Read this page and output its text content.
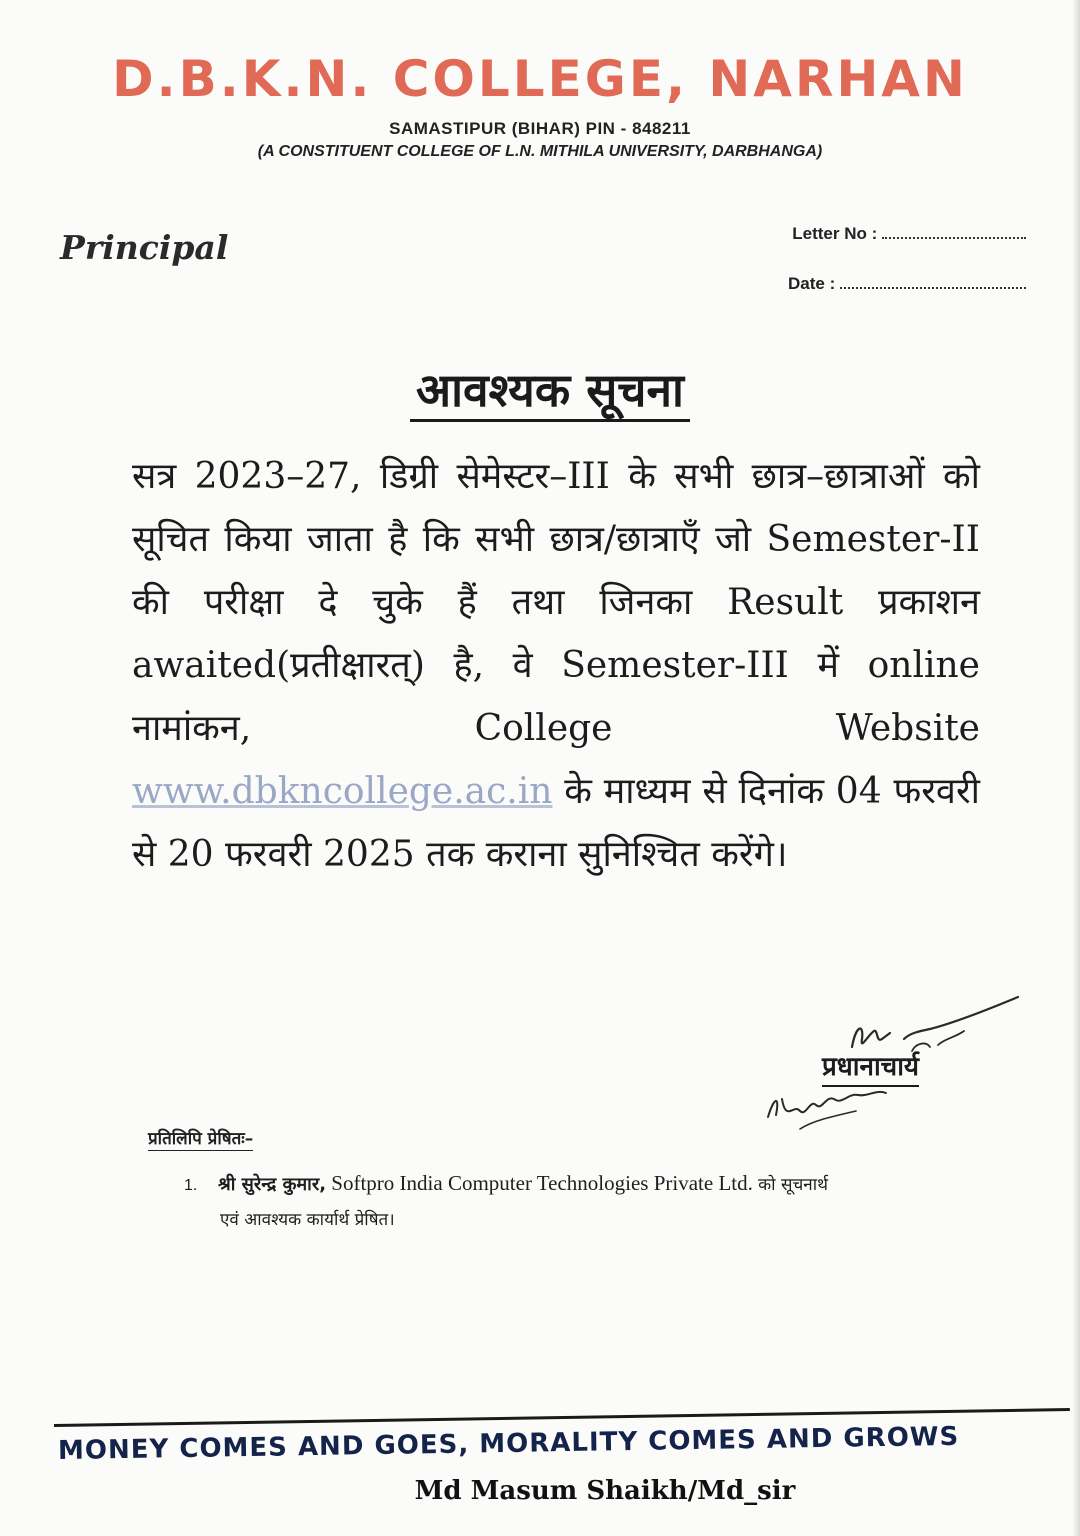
D.B.K.N. COLLEGE, NARHAN
SAMASTIPUR (BIHAR) PIN - 848211
(A CONSTITUENT COLLEGE OF L.N. MITHILA UNIVERSITY, DARBHANGA)
Principal	Letter No :
Date :
आवश्यक सूचना
सत्र 2023–27, डिग्री सेमेस्टर–III के सभी छात्र–छात्राओं को सूचित किया जाता है कि सभी छात्र/छात्राएँ जो Semester-II की परीक्षा दे चुके हैं तथा जिनका Result प्रकाशन awaited(प्रतीक्षारत्) है, वे Semester-III में online नामांकन, College Website www.dbkncollege.ac.in के माध्यम से दिनांक 04 फरवरी से 20 फरवरी 2025 तक कराना सुनिश्चित करेंगे।
प्रधानाचार्य
प्रतिलिपि प्रेषितः–
1. श्री सुरेन्द्र कुमार, Softpro India Computer Technologies Private Ltd. को सूचनार्थ
एवं आवश्यक कार्यार्थ प्रेषित।
MONEY COMES AND GOES, MORALITY COMES AND GROWS
Md Masum Shaikh/Md_sir
